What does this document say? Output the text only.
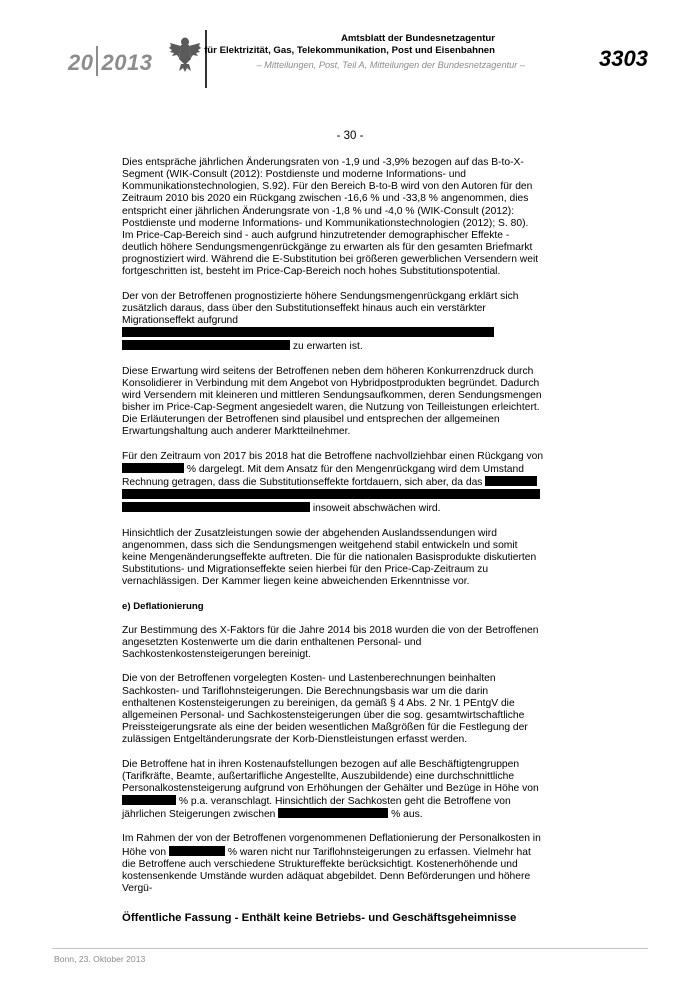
20 2013
Amtsblatt der Bundesnetzagentur
für Elektrizität, Gas, Telekommunikation, Post und Eisenbahnen
– Mitteilungen, Post, Teil A, Mitteilungen der Bundesnetzagentur –	3303
- 30 -

Dies entspräche jährlichen Änderungsraten von -1,9 und -3,9% bezogen auf das B-to-X-Segment (WIK-Consult (2012): Postdienste und moderne Informations- und Kommunikationstechnologien, S.92). Für den Bereich B-to-B wird von den Autoren für den Zeitraum 2010 bis 2020 ein Rückgang zwischen -16,6 % und -33,8 % angenommen, dies entspricht einer jährlichen Änderungsrate von -1,8 % und -4,0 % (WIK-Consult (2012): Postdienste und moderne Informations- und Kommunikationstechnologien (2012); S. 80).

Im Price-Cap-Bereich sind - auch aufgrund hinzutretender demographischer Effekte - deutlich höhere Sendungsmengenrückgänge zu erwarten als für den gesamten Briefmarkt prognostiziert wird. Während die E-Substitution bei größeren gewerblichen Versendern weit fortgeschritten ist, besteht im Price-Cap-Bereich noch hohes Substitutionspotential.

Der von der Betroffenen prognostizierte höhere Sendungsmengenrückgang erklärt sich zusätzlich daraus, dass über den Substitutionseffekt hinaus auch ein verstärkter Migrationseffekt aufgrund   zu erwarten ist.

Diese Erwartung wird seitens der Betroffenen neben dem höheren Konkurrenzdruck durch Konsolidierer in Verbindung mit dem Angebot von Hybridpostprodukten begründet. Dadurch wird Versendern mit kleineren und mittleren Sendungsaufkommen, deren Sendungsmengen bisher im Price-Cap-Segment angesiedelt waren, die Nutzung von Teilleistungen erleichtert. Die Erläuterungen der Betroffenen sind plausibel und entsprechen der allgemeinen Erwartungshaltung auch anderer Marktteilnehmer.

Für den Zeitraum von 2017 bis 2018 hat die Betroffene nachvollziehbar einen Rückgang von  % dargelegt. Mit dem Ansatz für den Mengenrückgang wird dem Umstand Rechnung getragen, dass die Substitutionseffekte fortdauern, sich aber, da das    insoweit abschwächen wird.

Hinsichtlich der Zusatzleistungen sowie der abgehenden Auslandssendungen wird angenommen, dass sich die Sendungsmengen weitgehend stabil entwickeln und somit keine Mengenänderungseffekte auftreten. Die für die nationalen Basisprodukte diskutierten Substitutions- und Migrationseffekte seien hierbei für den Price-Cap-Zeitraum zu vernachlässigen. Der Kammer liegen keine abweichenden Erkenntnisse vor.

e) Deflationierung

Zur Bestimmung des X-Faktors für die Jahre 2014 bis 2018 wurden die von der Betroffenen angesetzten Kostenwerte um die darin enthaltenen Personal- und Sachkostenkostensteigerungen bereinigt.

Die von der Betroffenen vorgelegten Kosten- und Lastenberechnungen beinhalten Sachkosten- und Tariflohnsteigerungen. Die Berechnungsbasis war um die darin enthaltenen Kostensteigerungen zu bereinigen, da gemäß § 4 Abs. 2 Nr. 1 PEntgV die allgemeinen Personal- und Sachkostensteigerungen über die sog. gesamtwirtschaftliche Preissteigerungsrate als eine der beiden wesentlichen Maßgrößen für die Festlegung der zulässigen Entgeltänderungsrate der Korb-Dienstleistungen erfasst werden.

Die Betroffene hat in ihren Kostenaufstellungen bezogen auf alle Beschäftigtengruppen (Tarifkräfte, Beamte, außertarifliche Angestellte, Auszubildende) eine durchschnittliche Personalkostensteigerung aufgrund von Erhöhungen der Gehälter und Bezüge in Höhe von  % p.a. veranschlagt. Hinsichtlich der Sachkosten geht die Betroffene von jährlichen Steigerungen zwischen	% aus.

Im Rahmen der von der Betroffenen vorgenommenen Deflationierung der Personalkosten in Höhe von	% waren nicht nur Tariflohnsteigerungen zu erfassen. Vielmehr hat die Betroffene auch verschiedene Struktureffekte berücksichtigt. Kostenerhöhende und kostensenkende Umstände wurden adäquat abgebildet. Denn Beförderungen und höhere Vergü-

Öffentliche Fassung - Enthält keine Betriebs- und Geschäftsgeheimnisse
Bonn, 23. Oktober 2013
